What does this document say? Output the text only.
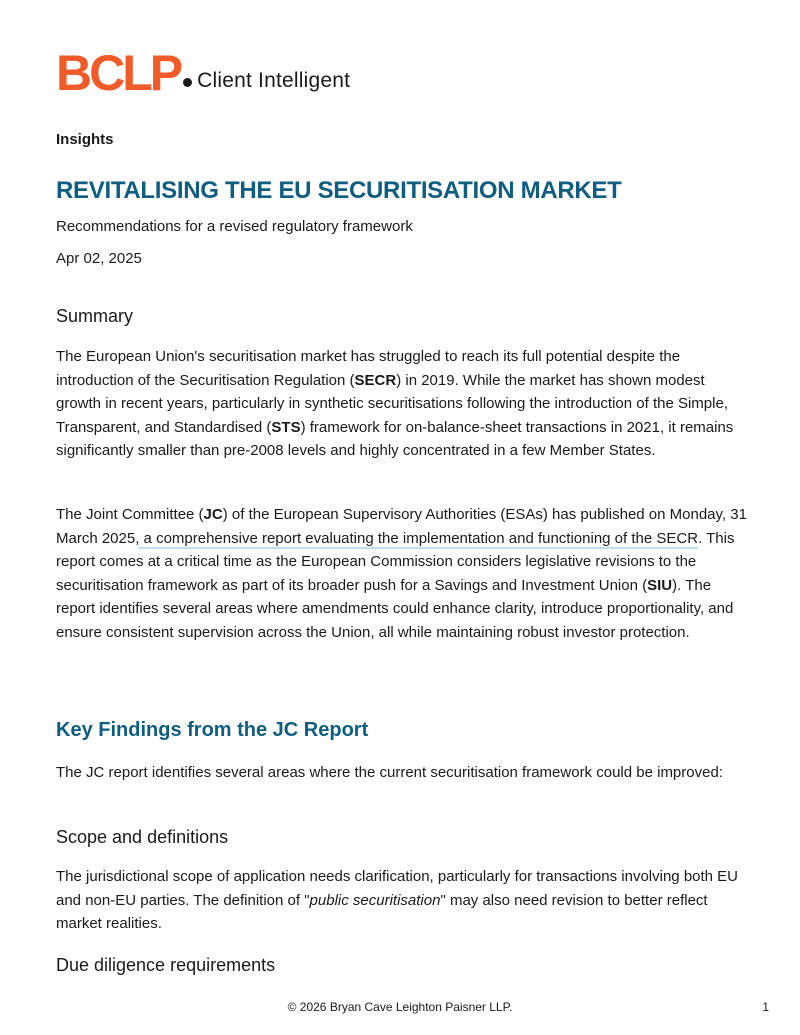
BCLP Client Intelligent
Insights
REVITALISING THE EU SECURITISATION MARKET
Recommendations for a revised regulatory framework
Apr 02, 2025
Summary

The European Union's securitisation market has struggled to reach its full potential despite the introduction of the Securitisation Regulation (SECR) in 2019. While the market has shown modest growth in recent years, particularly in synthetic securitisations following the introduction of the Simple, Transparent, and Standardised (STS) framework for on-balance-sheet transactions in 2021, it remains significantly smaller than pre-2008 levels and highly concentrated in a few Member States.

The Joint Committee (JC) of the European Supervisory Authorities (ESAs) has published on Monday, 31 March 2025, a comprehensive report evaluating the implementation and functioning of the SECR. This report comes at a critical time as the European Commission considers legislative revisions to the securitisation framework as part of its broader push for a Savings and Investment Union (SIU). The report identifies several areas where amendments could enhance clarity, introduce proportionality, and ensure consistent supervision across the Union, all while maintaining robust investor protection.

Key Findings from the JC Report

The JC report identifies several areas where the current securitisation framework could be improved:

Scope and definitions

The jurisdictional scope of application needs clarification, particularly for transactions involving both EU and non-EU parties. The definition of "public securitisation" may also need revision to better reflect market realities.

Due diligence requirements
© 2026 Bryan Cave Leighton Paisner LLP.	1
